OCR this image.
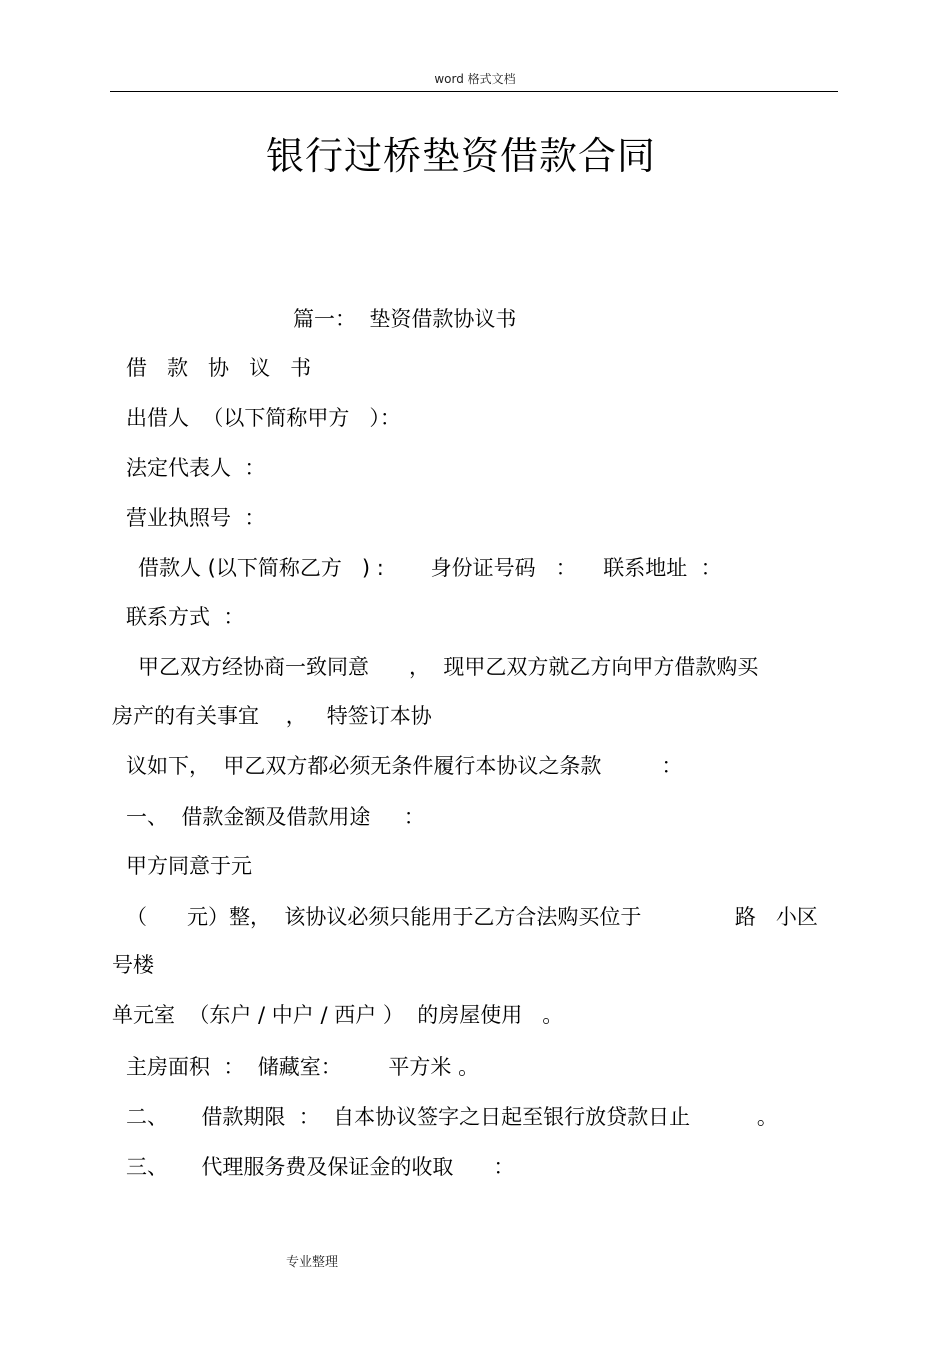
word 格式文档
银行过桥垫资借款合同
篇一：  垫资借款协议书
借   款   协   议   书
出借人  （以下简称甲方   ）：
法定代表人  ：
营业执照号  ：
借款人 (以下简称乙方   ) :       身份证号码   ：    联系地址  ：
联系方式  ：
甲乙双方经协商一致同意      ，  现甲乙双方就乙方向甲方借款购买
房产的有关事宜    ，   特签订本协
议如下，  甲乙双方都必须无条件履行本协议之条款         ：
一、  借款金额及借款用途     ：
甲方同意于元
（      元）整，  该协议必须只能用于乙方合法购买位于              路   小区
号楼
单元室  （东户 / 中户 / 西户 ）  的房屋使用   。
主房面积  ：  储藏室：       平方米 。
二、     借款期限  ：  自本协议签字之日起至银行放贷款日止          。
三、     代理服务费及保证金的收取      ：
专业整理
